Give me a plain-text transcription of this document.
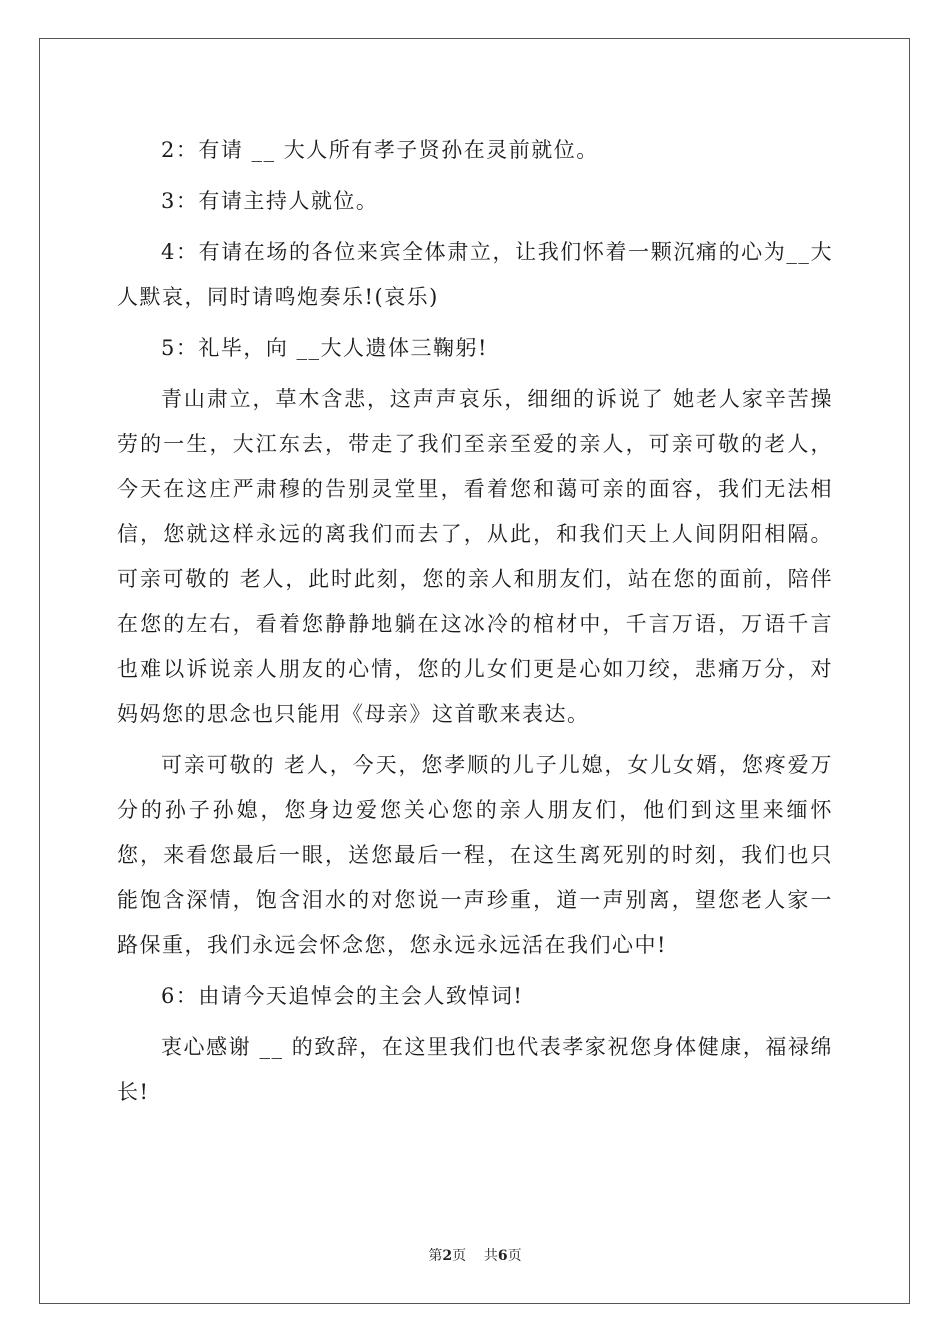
2：有请 __ 大人所有孝子贤孙在灵前就位。

3：有请主持人就位。

4：有请在场的各位来宾全体肃立，让我们怀着一颗沉痛的心为__大人默哀，同时请鸣炮奏乐!(哀乐)

5：礼毕，向 __大人遗体三鞠躬!

青山肃立，草木含悲，这声声哀乐，细细的诉说了 她老人家辛苦操劳的一生，大江东去，带走了我们至亲至爱的亲人，可亲可敬的老人，今天在这庄严肃穆的告别灵堂里，看着您和蔼可亲的面容，我们无法相信，您就这样永远的离我们而去了，从此，和我们天上人间阴阳相隔。可亲可敬的 老人，此时此刻，您的亲人和朋友们，站在您的面前，陪伴在您的左右，看着您静静地躺在这冰冷的棺材中，千言万语，万语千言也难以诉说亲人朋友的心情，您的儿女们更是心如刀绞，悲痛万分，对妈妈您的思念也只能用《母亲》这首歌来表达。

可亲可敬的 老人，今天，您孝顺的儿子儿媳，女儿女婿，您疼爱万分的孙子孙媳，您身边爱您关心您的亲人朋友们，他们到这里来缅怀您，来看您最后一眼，送您最后一程，在这生离死别的时刻，我们也只能饱含深情，饱含泪水的对您说一声珍重，道一声别离，望您老人家一路保重，我们永远会怀念您，您永远永远活在我们心中!

6：由请今天追悼会的主会人致悼词!

衷心感谢 __ 的致辞，在这里我们也代表孝家祝您身体健康，福禄绵长!

第2页 共6页
